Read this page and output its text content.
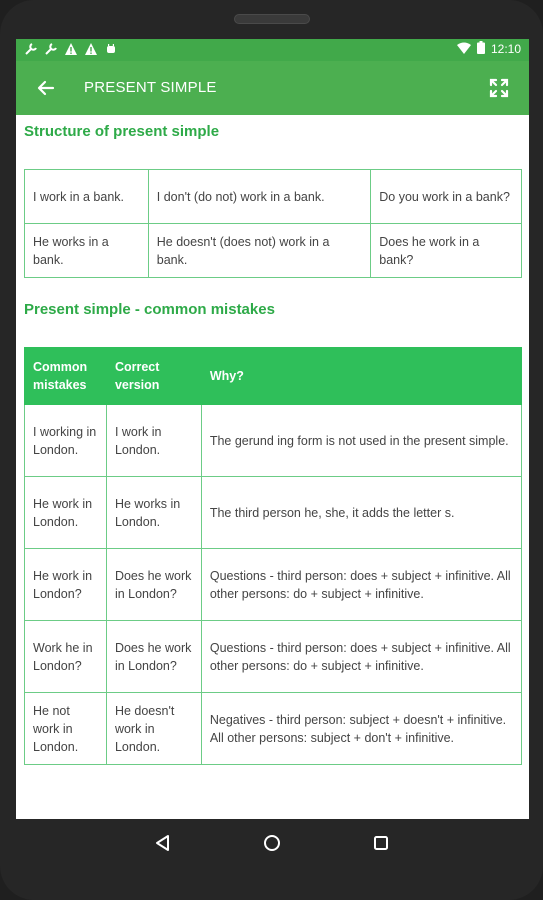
12:10
PRESENT SIMPLE
Structure of present simple
I work in a bank.	I don't (do not) work in a bank.	Do you work in a bank?
He works in a bank.	He doesn't (does not) work in a bank.	Does he work in a bank?
Present simple - common mistakes
Common mistakes	Correct version	Why?
I working in London.	I work in London.	The gerund ing form is not used in the present simple.
He work in London.	He works in London.	The third person he, she, it adds the letter s.
He work in London?	Does he work in London?	Questions - third person: does + subject + infinitive. All other persons: do + subject + infinitive.
Work he in London?	Does he work in London?	Questions - third person: does + subject + infinitive. All other persons: do + subject + infinitive.
He not work in London.	He doesn't work in London.	Negatives - third person: subject + doesn't + infinitive. All other persons: subject + don't + infinitive.
